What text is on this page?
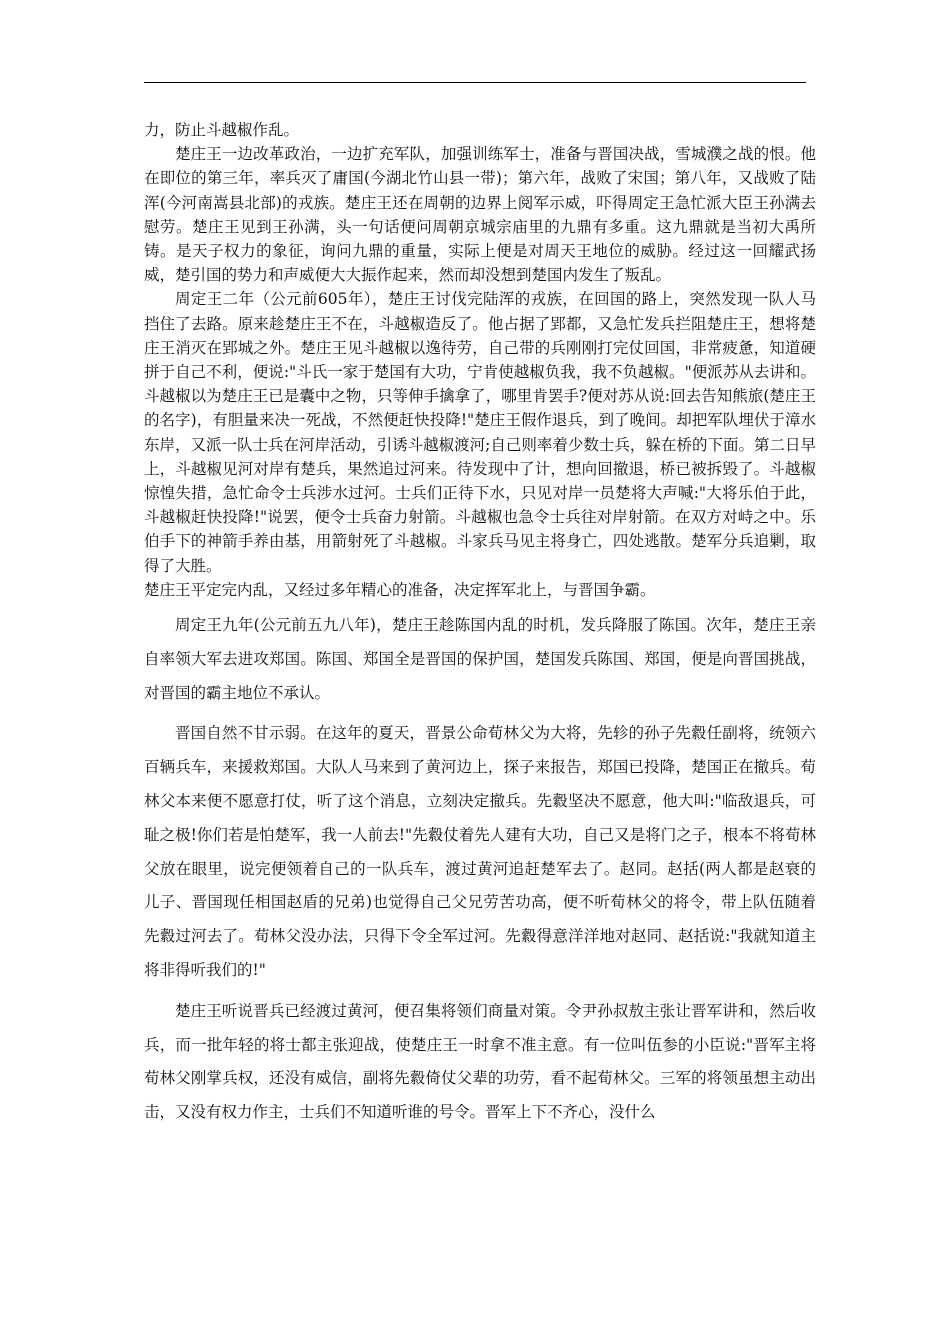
力，防止斗越椒作乱。

楚庄王一边改革政治，一边扩充军队，加强训练军士，准备与晋国决战，雪城濮之战的恨。他在即位的第三年，率兵灭了庸国(今湖北竹山县一带)；第六年，战败了宋国；第八年，又战败了陆浑(今河南嵩县北部)的戎族。楚庄王还在周朝的边界上阅军示威，吓得周定王急忙派大臣王孙满去慰劳。楚庄王见到王孙满，头一句话便问周朝京城宗庙里的九鼎有多重。这九鼎就是当初大禹所铸。是天子权力的象征，询问九鼎的重量，实际上便是对周天王地位的威胁。经过这一回耀武扬威，楚引国的势力和声威便大大振作起来，然而却没想到楚国内发生了叛乱。

周定王二年（公元前605年），楚庄王讨伐完陆浑的戎族，在回国的路上，突然发现一队人马挡住了去路。原来趁楚庄王不在，斗越椒造反了。他占据了郢都，又急忙发兵拦阻楚庄王，想将楚庄王消灭在郢城之外。楚庄王见斗越椒以逸待劳，自己带的兵刚刚打完仗回国，非常疲惫，知道硬拼于自己不利，便说:"斗氏一家于楚国有大功，宁肯使越椒负我，我不负越椒。"便派苏从去讲和。斗越椒以为楚庄王已是囊中之物，只等伸手擒拿了，哪里肯罢手?便对苏从说:回去告知熊旅(楚庄王的名字)，有胆量来决一死战，不然便赶快投降!"楚庄王假作退兵，到了晚间。却把军队埋伏于漳水东岸，又派一队士兵在河岸活动，引诱斗越椒渡河;自己则率着少数士兵，躲在桥的下面。第二日早上，斗越椒见河对岸有楚兵，果然追过河来。待发现中了计，想向回撤退，桥已被拆毁了。斗越椒惊惶失措，急忙命令士兵涉水过河。士兵们正待下水，只见对岸一员楚将大声喊:"大将乐伯于此，斗越椒赶快投降!"说罢，便令士兵奋力射箭。斗越椒也急令士兵往对岸射箭。在双方对峙之中。乐伯手下的神箭手养由基，用箭射死了斗越椒。斗家兵马见主将身亡，四处逃散。楚军分兵追剿，取得了大胜。

楚庄王平定完内乱，又经过多年精心的准备，决定挥军北上，与晋国争霸。

周定王九年(公元前五九八年)，楚庄王趁陈国内乱的时机，发兵降服了陈国。次年，楚庄王亲自率领大军去进攻郑国。陈国、郑国全是晋国的保护国，楚国发兵陈国、郑国，便是向晋国挑战，对晋国的霸主地位不承认。

晋国自然不甘示弱。在这年的夏天，晋景公命荀林父为大将，先轸的孙子先縠任副将，统领六百辆兵车，来援救郑国。大队人马来到了黄河边上，探子来报告，郑国已投降，楚国正在撤兵。荀林父本来便不愿意打仗，听了这个消息，立刻决定撤兵。先縠坚决不愿意，他大叫:"临敌退兵，可耻之极!你们若是怕楚军，我一人前去!"先縠仗着先人建有大功，自己又是将门之子，根本不将荀林父放在眼里，说完便领着自己的一队兵车，渡过黄河追赶楚军去了。赵同。赵括(两人都是赵衰的儿子、晋国现任相国赵盾的兄弟)也觉得自己父兄劳苦功高，便不听荀林父的将令，带上队伍随着先縠过河去了。荀林父没办法，只得下令全军过河。先縠得意洋洋地对赵同、赵括说:"我就知道主将非得听我们的!"

楚庄王听说晋兵已经渡过黄河，便召集将领们商量对策。令尹孙叔敖主张让晋军讲和，然后收兵，而一批年轻的将士都主张迎战，使楚庄王一时拿不准主意。有一位叫伍参的小臣说:"晋军主将荀林父刚掌兵权，还没有威信，副将先縠倚仗父辈的功劳，看不起荀林父。三军的将领虽想主动出击，又没有权力作主，士兵们不知道听谁的号令。晋军上下不齐心，没什么
